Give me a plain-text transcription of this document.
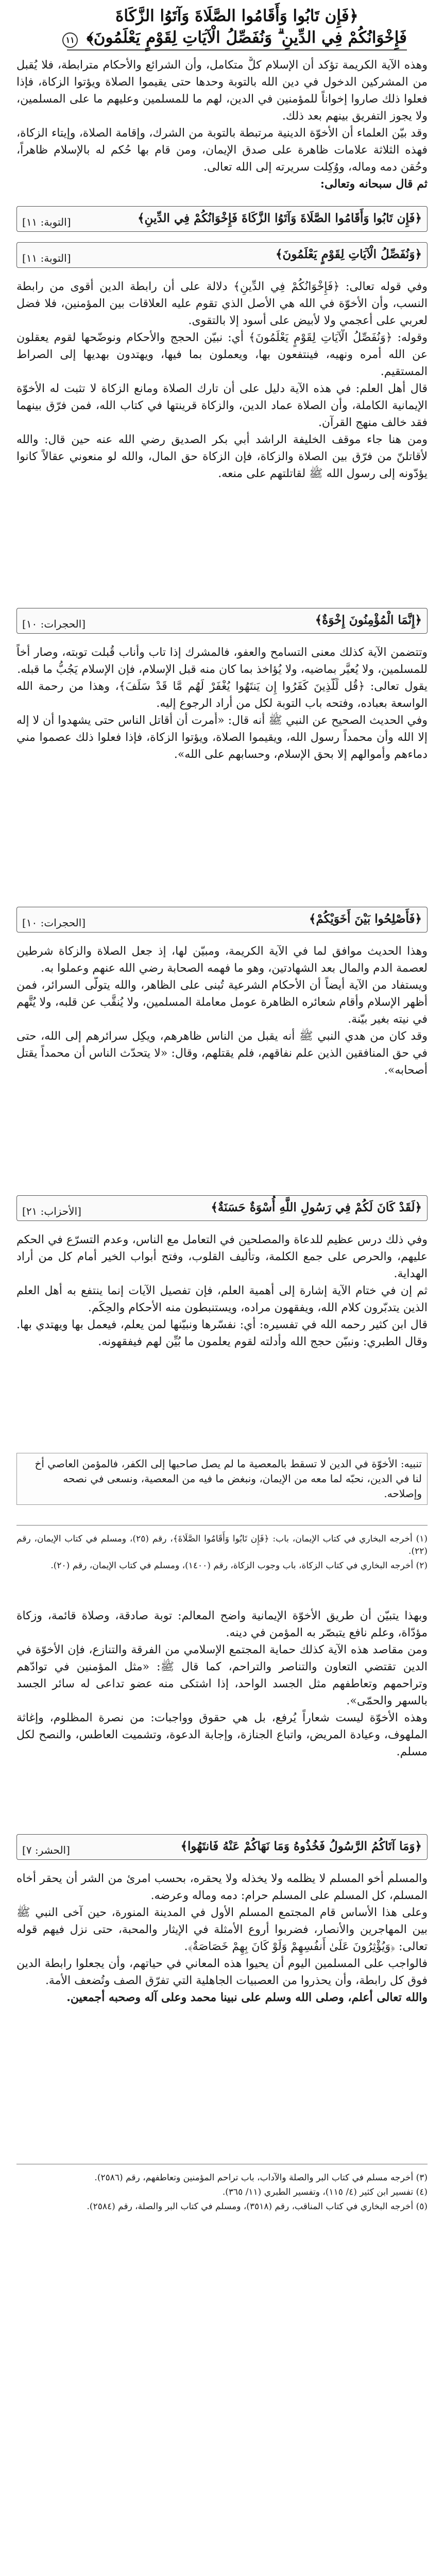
﴿فَإِن تَابُوا وَأَقَامُوا الصَّلَاةَ وَآتَوُا الزَّكَاةَ
فَإِخْوَانُكُمْ فِي الدِّينِ ۗ وَنُفَصِّلُ الْآيَاتِ لِقَوْمٍ يَعْلَمُونَ﴾ ١١

وهذه الآية الكريمة تؤكد أن الإسلام كلٌّ متكامل، وأن الشرائع والأحكام مترابطة، فلا يُقبل من المشركين الدخول في دين الله بالتوبة وحدها حتى يقيموا الصلاة ويؤتوا الزكاة، فإذا فعلوا ذلك صاروا إخواناً للمؤمنين في الدين، لهم ما للمسلمين وعليهم ما على المسلمين، ولا يجوز التفريق بينهم بعد ذلك.

وقد بيّن العلماء أن الأخوّة الدينية مرتبطة بالتوبة من الشرك، وإقامة الصلاة، وإيتاء الزكاة، فهذه الثلاثة علامات ظاهرة على صدق الإيمان، ومن قام بها حُكم له بالإسلام ظاهراً، وحُقن دمه وماله، ووُكِلت سريرته إلى الله تعالى.

ثم قال سبحانه وتعالى:

﴿فَإِن تَابُوا وَأَقَامُوا الصَّلَاةَ وَآتَوُا الزَّكَاةَ فَإِخْوَانُكُمْ فِي الدِّينِ﴾
[التوبة: ١١]
﴿وَنُفَصِّلُ الْآيَاتِ لِقَوْمٍ يَعْلَمُونَ﴾
[التوبة: ١١]

وفي قوله تعالى: ﴿فَإِخْوَانُكُمْ فِي الدِّينِ﴾ دلالة على أن رابطة الدين أقوى من رابطة النسب، وأن الأخوّة في الله هي الأصل الذي تقوم عليه العلاقات بين المؤمنين، فلا فضل لعربي على أعجمي ولا لأبيض على أسود إلا بالتقوى.

وقوله: ﴿وَنُفَصِّلُ الْآيَاتِ لِقَوْمٍ يَعْلَمُونَ﴾ أي: نبيّن الحجج والأحكام ونوضّحها لقوم يعقلون عن الله أمره ونهيه، فينتفعون بها، ويعملون بما فيها، ويهتدون بهديها إلى الصراط المستقيم.

قال أهل العلم: في هذه الآية دليل على أن تارك الصلاة ومانع الزكاة لا تثبت له الأخوّة الإيمانية الكاملة، وأن الصلاة عماد الدين، والزكاة قرينتها في كتاب الله، فمن فرّق بينهما فقد خالف منهج القرآن.

ومن هنا جاء موقف الخليفة الراشد أبي بكر الصديق رضي الله عنه حين قال: والله لأقاتلنّ من فرّق بين الصلاة والزكاة، فإن الزكاة حق المال، والله لو منعوني عقالاً كانوا يؤدّونه إلى رسول الله ﷺ لقاتلتهم على منعه.

﴿إِنَّمَا الْمُؤْمِنُونَ إِخْوَةٌ﴾
[الحجرات: ١٠]

وتتضمن الآية كذلك معنى التسامح والعفو، فالمشرك إذا تاب وأناب قُبلت توبته، وصار أخاً للمسلمين، ولا يُعيَّر بماضيه، ولا يُؤاخذ بما كان منه قبل الإسلام، فإن الإسلام يَجُبُّ ما قبله.

يقول تعالى: ﴿قُل لِّلَّذِينَ كَفَرُوا إِن يَنتَهُوا يُغْفَرْ لَهُم مَّا قَدْ سَلَفَ﴾، وهذا من رحمة الله الواسعة بعباده، وفتحه باب التوبة لكل من أراد الرجوع إليه.

وفي الحديث الصحيح عن النبي ﷺ أنه قال: «أُمرت أن أقاتل الناس حتى يشهدوا أن لا إله إلا الله وأن محمداً رسول الله، ويقيموا الصلاة، ويؤتوا الزكاة، فإذا فعلوا ذلك عصموا مني دماءهم وأموالهم إلا بحق الإسلام، وحسابهم على الله».

﴿فَأَصْلِحُوا بَيْنَ أَخَوَيْكُمْ﴾
[الحجرات: ١٠]

وهذا الحديث موافق لما في الآية الكريمة، ومبيّن لها، إذ جعل الصلاة والزكاة شرطين لعصمة الدم والمال بعد الشهادتين، وهو ما فهمه الصحابة رضي الله عنهم وعملوا به.

ويستفاد من الآية أيضاً أن الأحكام الشرعية تُبنى على الظاهر، والله يتولّى السرائر، فمن أظهر الإسلام وأقام شعائره الظاهرة عومل معاملة المسلمين، ولا يُنقَّب عن قلبه، ولا يُتَّهم في نيته بغير بيّنة.

وقد كان من هدي النبي ﷺ أنه يقبل من الناس ظاهرهم، ويكِل سرائرهم إلى الله، حتى في حق المنافقين الذين علم نفاقهم، فلم يقتلهم، وقال: «لا يتحدّث الناس أن محمداً يقتل أصحابه».

﴿لَقَدْ كَانَ لَكُمْ فِي رَسُولِ اللَّهِ أُسْوَةٌ حَسَنَةٌ﴾
[الأحزاب: ٢١]

وفي ذلك درس عظيم للدعاة والمصلحين في التعامل مع الناس، وعدم التسرّع في الحكم عليهم، والحرص على جمع الكلمة، وتأليف القلوب، وفتح أبواب الخير أمام كل من أراد الهداية.

ثم إن في ختام الآية إشارة إلى أهمية العلم، فإن تفصيل الآيات إنما ينتفع به أهل العلم الذين يتدبّرون كلام الله، ويفقهون مراده، ويستنبطون منه الأحكام والحِكَم.

قال ابن كثير رحمه الله في تفسيره: أي: نفسّرها ونبيّنها لمن يعلم، فيعمل بها ويهتدي بها. وقال الطبري: ونبيّن حجج الله وأدلته لقوم يعلمون ما بُيِّن لهم فيفقهونه.

تنبيه: الأخوّة في الدين لا تسقط بالمعصية ما لم يصل صاحبها إلى الكفر، فالمؤمن العاصي أخ لنا في الدين، نحبّه لما معه من الإيمان، ونبغض ما فيه من المعصية، ونسعى في نصحه وإصلاحه.

(١) أخرجه البخاري في كتاب الإيمان، باب: ﴿فَإِن تَابُوا وَأَقَامُوا الصَّلَاةَ﴾، رقم (٢٥)، ومسلم في كتاب الإيمان، رقم (٢٢).

(٢) أخرجه البخاري في كتاب الزكاة، باب وجوب الزكاة، رقم (١٤٠٠)، ومسلم في كتاب الإيمان، رقم (٢٠).

وبهذا يتبيّن أن طريق الأخوّة الإيمانية واضح المعالم: توبة صادقة، وصلاة قائمة، وزكاة مؤدّاة، وعلم نافع يتبصّر به المؤمن في دينه.

ومن مقاصد هذه الآية كذلك حماية المجتمع الإسلامي من الفرقة والتنازع، فإن الأخوّة في الدين تقتضي التعاون والتناصر والتراحم، كما قال ﷺ: «مثل المؤمنين في توادّهم وتراحمهم وتعاطفهم مثل الجسد الواحد، إذا اشتكى منه عضو تداعى له سائر الجسد بالسهر والحمّى».

وهذه الأخوّة ليست شعاراً يُرفع، بل هي حقوق وواجبات: من نصرة المظلوم، وإغاثة الملهوف، وعيادة المريض، واتباع الجنازة، وإجابة الدعوة، وتشميت العاطس، والنصح لكل مسلم.

﴿وَمَا آتَاكُمُ الرَّسُولُ فَخُذُوهُ وَمَا نَهَاكُمْ عَنْهُ فَانتَهُوا﴾
[الحشر: ٧]

والمسلم أخو المسلم لا يظلمه ولا يخذله ولا يحقره، بحسب امرئ من الشر أن يحقر أخاه المسلم، كل المسلم على المسلم حرام: دمه وماله وعرضه.

وعلى هذا الأساس قام المجتمع المسلم الأول في المدينة المنورة، حين آخى النبي ﷺ بين المهاجرين والأنصار، فضربوا أروع الأمثلة في الإيثار والمحبة، حتى نزل فيهم قوله تعالى: ﴿وَيُؤْثِرُونَ عَلَىٰ أَنفُسِهِمْ وَلَوْ كَانَ بِهِمْ خَصَاصَةٌ﴾.

فالواجب على المسلمين اليوم أن يحيوا هذه المعاني في حياتهم، وأن يجعلوا رابطة الدين فوق كل رابطة، وأن يحذروا من العصبيات الجاهلية التي تفرّق الصف وتُضعف الأمة.

والله تعالى أعلم، وصلى الله وسلم على نبينا محمد وعلى آله وصحبه أجمعين.

(٣) أخرجه مسلم في كتاب البر والصلة والآداب، باب تراحم المؤمنين وتعاطفهم، رقم (٢٥٨٦).

(٤) تفسير ابن كثير (٤/ ١١٥)، وتفسير الطبري (١١/ ٣٦٥).

(٥) أخرجه البخاري في كتاب المناقب، رقم (٣٥١٨)، ومسلم في كتاب البر والصلة، رقم (٢٥٨٤).
